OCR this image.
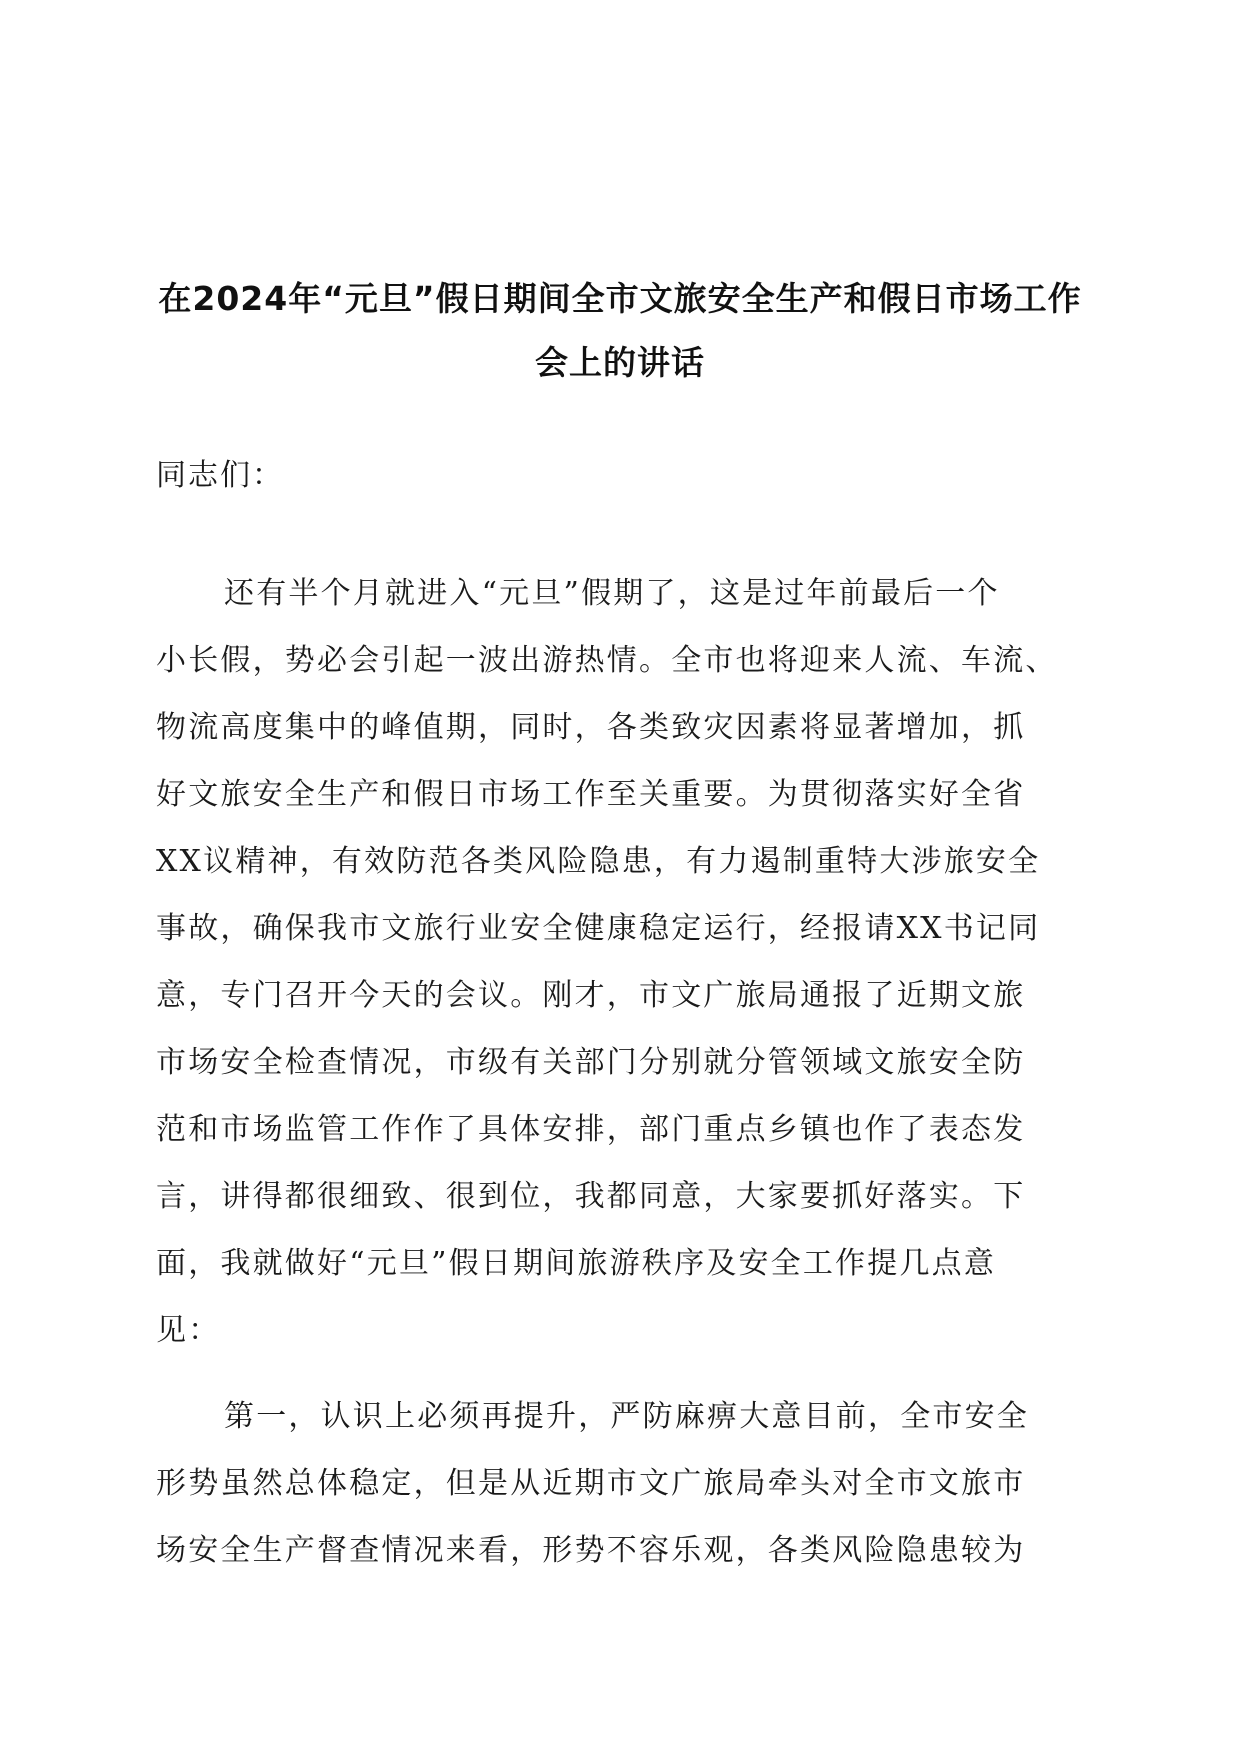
在2024年“元旦”假日期间全市文旅安全生产和假日市场工作
会上的讲话
同志们：
还有半个月就进入“元旦”假期了，这是过年前最后一个
小长假，势必会引起一波出游热情。全市也将迎来人流、车流、
物流高度集中的峰值期，同时，各类致灾因素将显著增加，抓
好文旅安全生产和假日市场工作至关重要。为贯彻落实好全省
XX议精神，有效防范各类风险隐患，有力遏制重特大涉旅安全
事故，确保我市文旅行业安全健康稳定运行，经报请XX书记同
意，专门召开今天的会议。刚才，市文广旅局通报了近期文旅
市场安全检查情况，市级有关部门分别就分管领域文旅安全防
范和市场监管工作作了具体安排，部门重点乡镇也作了表态发
言，讲得都很细致、很到位，我都同意，大家要抓好落实。下
面，我就做好“元旦”假日期间旅游秩序及安全工作提几点意
见：
第一，认识上必须再提升，严防麻痹大意目前，全市安全
形势虽然总体稳定，但是从近期市文广旅局牵头对全市文旅市
场安全生产督查情况来看，形势不容乐观，各类风险隐患较为
